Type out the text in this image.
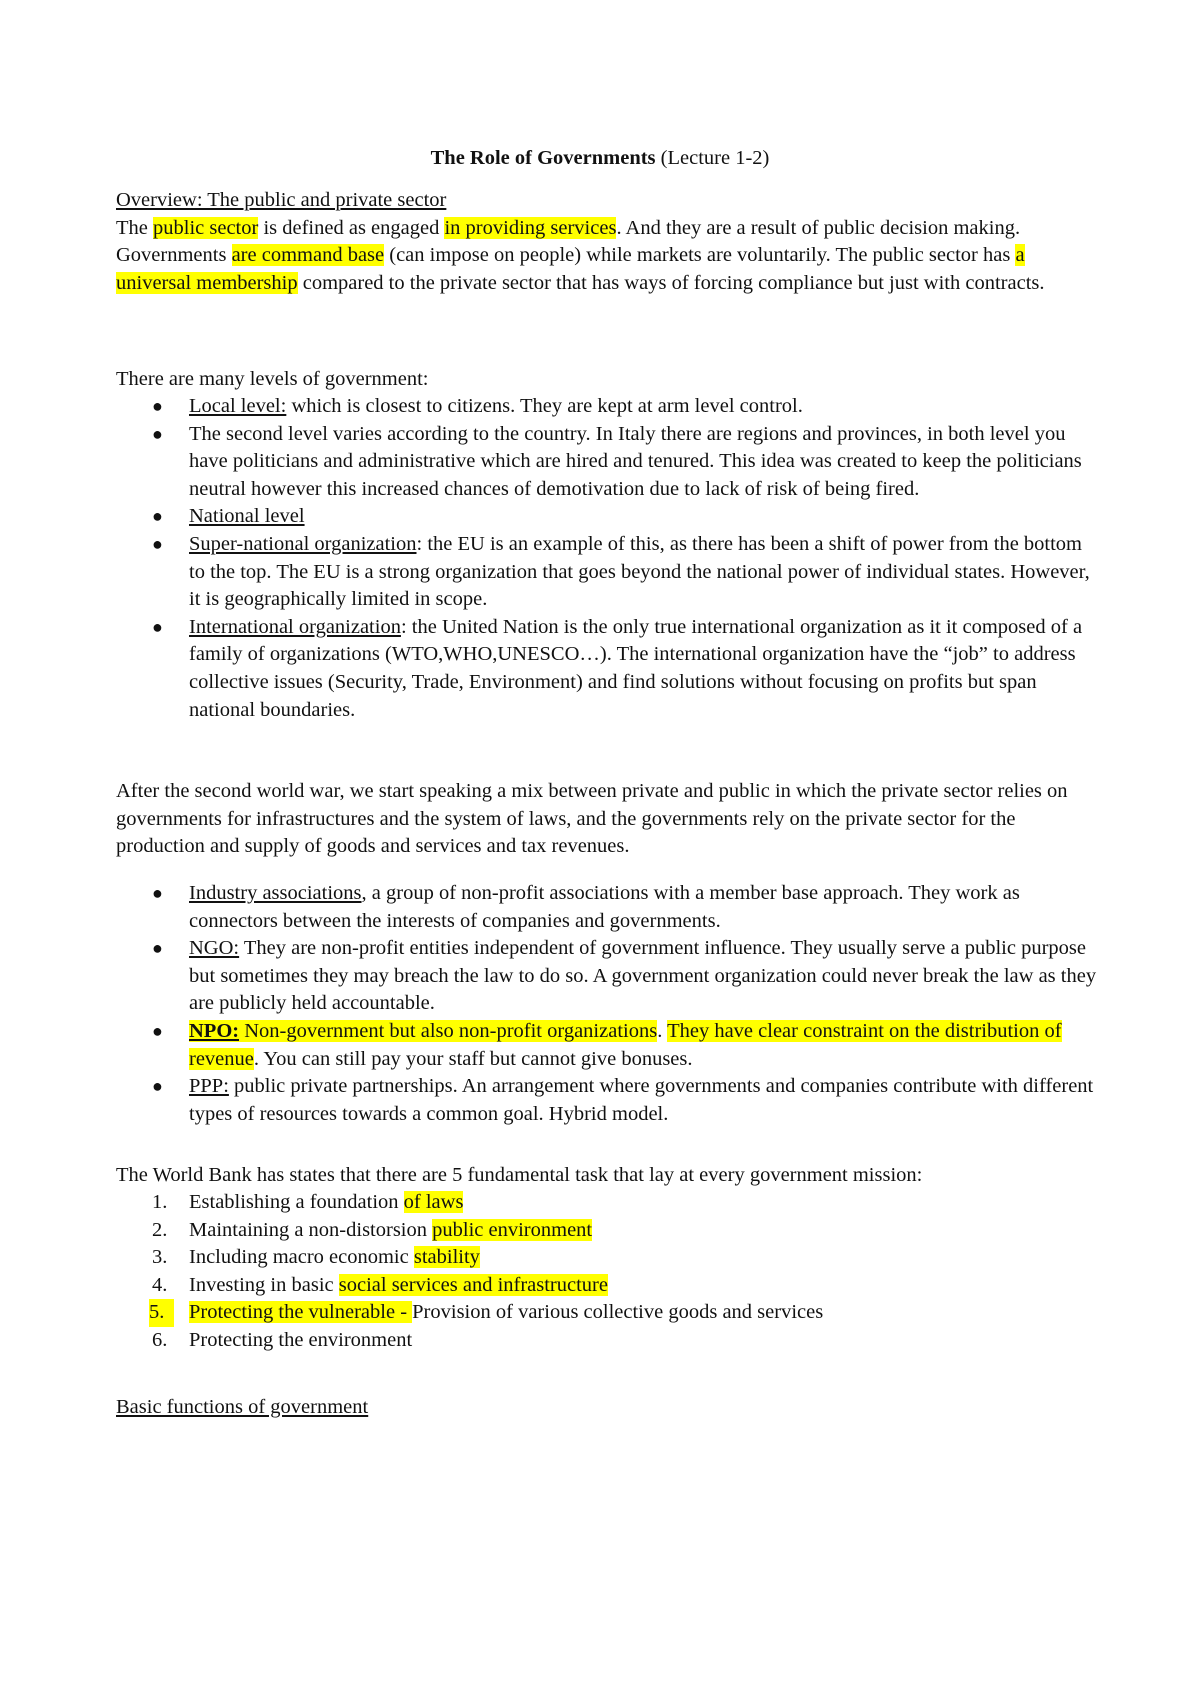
The Role of Governments (Lecture 1-2)
Overview: The public and private sector
The public sector is defined as engaged in providing services. And they are a result of public decision making. Governments are command base (can impose on people) while markets are voluntarily. The public sector has a universal membership compared to the private sector that has ways of forcing compliance but just with contracts.
There are many levels of government:
● Local level: which is closest to citizens. They are kept at arm level control.
● The second level varies according to the country. In Italy there are regions and provinces, in both level you have politicians and administrative which are hired and tenured. This idea was created to keep the politicians neutral however this increased chances of demotivation due to lack of risk of being fired.
● National level
● Super-national organization: the EU is an example of this, as there has been a shift of power from the bottom to the top. The EU is a strong organization that goes beyond the national power of individual states. However, it is geographically limited in scope.
● International organization: the United Nation is the only true international organization as it it composed of a family of organizations (WTO,WHO,UNESCO…). The international organization have the “job” to address collective issues (Security, Trade, Environment) and find solutions without focusing on profits but span national boundaries.
After the second world war, we start speaking a mix between private and public in which the private sector relies on governments for infrastructures and the system of laws, and the governments rely on the private sector for the production and supply of goods and services and tax revenues.
● Industry associations, a group of non-profit associations with a member base approach. They work as connectors between the interests of companies and governments.
● NGO: They are non-profit entities independent of government influence. They usually serve a public purpose but sometimes they may breach the law to do so. A government organization could never break the law as they are publicly held accountable.
● NPO: Non-government but also non-profit organizations. They have clear constraint on the distribution of revenue. You can still pay your staff but cannot give bonuses.
● PPP: public private partnerships. An arrangement where governments and companies contribute with different types of resources towards a common goal. Hybrid model.
The World Bank has states that there are 5 fundamental task that lay at every government mission:
1. Establishing a foundation of laws
2. Maintaining a non-distorsion public environment
3. Including macro economic stability
4. Investing in basic social services and infrastructure
5.	Protecting the vulnerable - Provision of various collective goods and services
6. Protecting the environment
Basic functions of government
